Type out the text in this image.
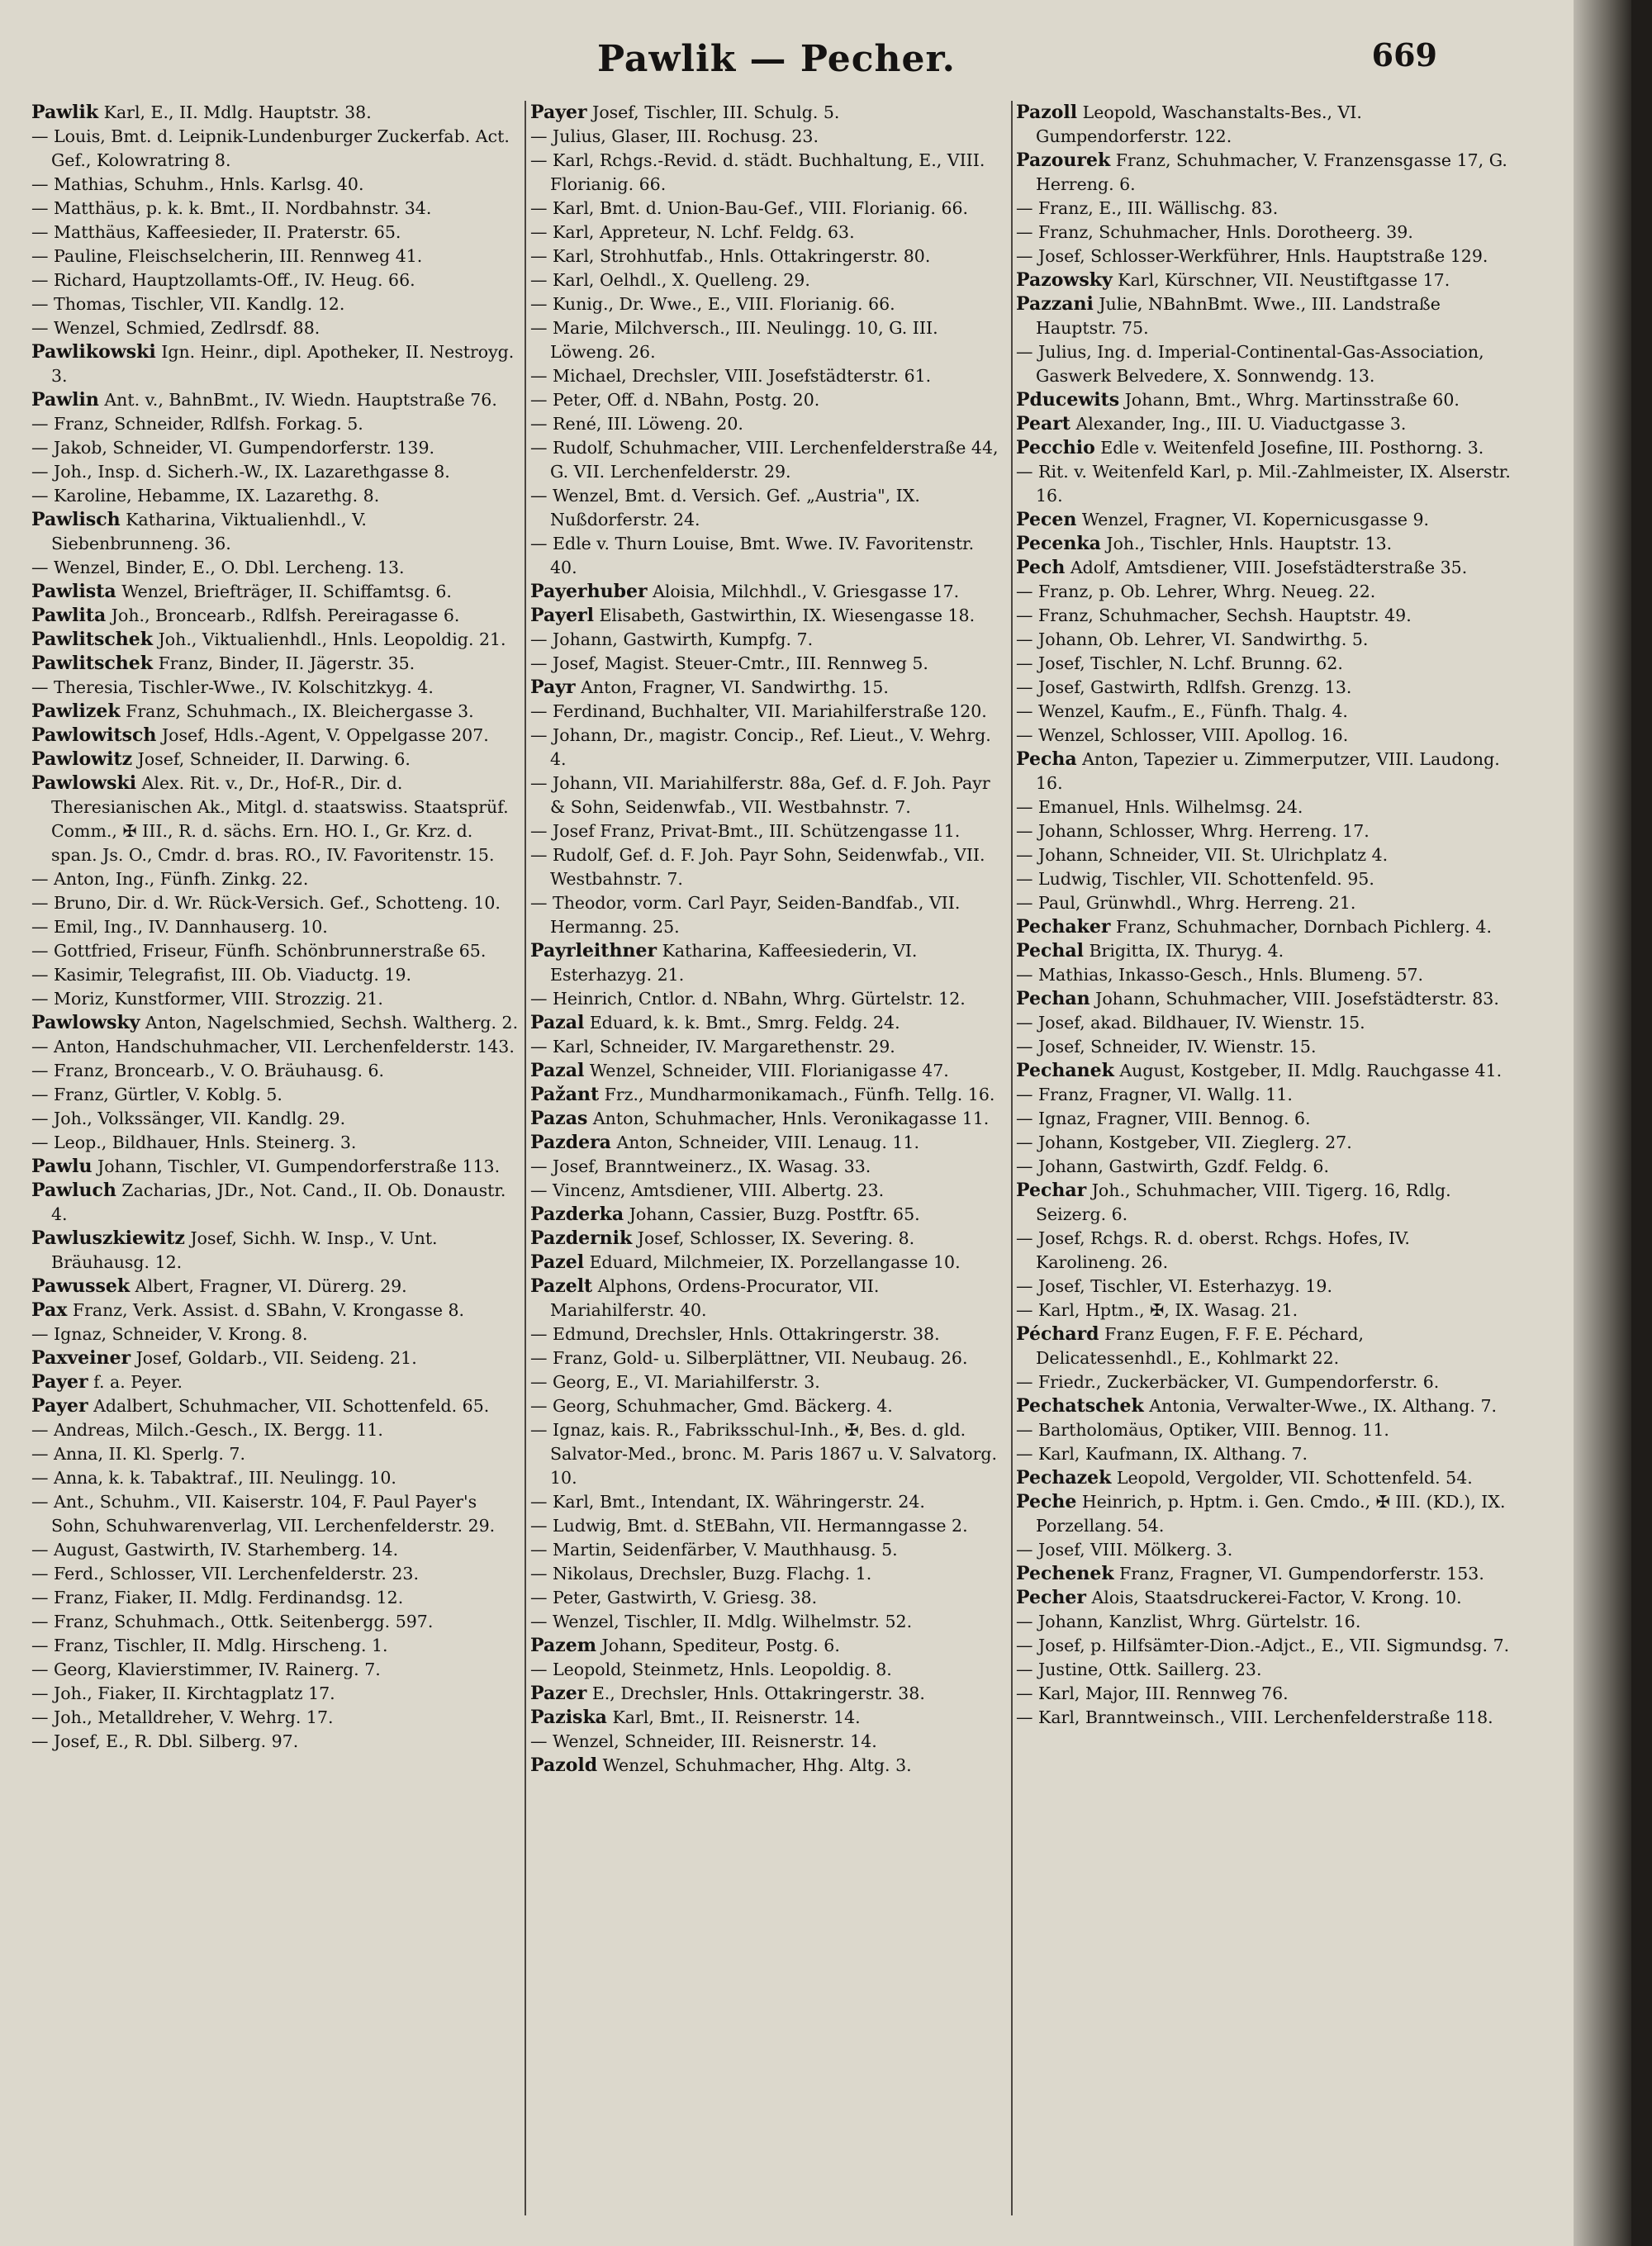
Pawlik — Pecher.	669
Pawlik Karl, E., II. Mdlg. Hauptstr. 38.
— Louis, Bmt. d. Leipnik-Lundenburger Zuckerfab. Act. Gef., Kolowratring 8.
— Mathias, Schuhm., Hnls. Karlsg. 40.
— Matthäus, p. k. k. Bmt., II. Nordbahnstr. 34.
— Matthäus, Kaffeesieder, II. Praterstr. 65.
— Pauline, Fleischselcherin, III. Rennweg 41.
— Richard, Hauptzollamts-Off., IV. Heug. 66.
— Thomas, Tischler, VII. Kandlg. 12.
— Wenzel, Schmied, Zedlrsdf. 88.
Pawlikowski Ign. Heinr., dipl. Apotheker, II. Nestroyg. 3.
Pawlin Ant. v., BahnBmt., IV. Wiedn. Hauptstraße 76.
— Franz, Schneider, Rdlfsh. Forkag. 5.
— Jakob, Schneider, VI. Gumpendorferstr. 139.
— Joh., Insp. d. Sicherh.-W., IX. Lazarethgasse 8.
— Karoline, Hebamme, IX. Lazarethg. 8.
Pawlisch Katharina, Viktualienhdl., V. Siebenbrunneng. 36.
— Wenzel, Binder, E., O. Dbl. Lercheng. 13.
Pawlista Wenzel, Briefträger, II. Schiffamtsg. 6.
Pawlita Joh., Broncearb., Rdlfsh. Pereiragasse 6.
Pawlitschek Joh., Viktualienhdl., Hnls. Leopoldig. 21.
Pawlitschek Franz, Binder, II. Jägerstr. 35.
— Theresia, Tischler-Wwe., IV. Kolschitzkyg. 4.
Pawlizek Franz, Schuhmach., IX. Bleichergasse 3.
Pawlowitsch Josef, Hdls.-Agent, V. Oppelgasse 207.
Pawlowitz Josef, Schneider, II. Darwing. 6.
Pawlowski Alex. Rit. v., Dr., Hof-R., Dir. d. Theresianischen Ak., Mitgl. d. staatswiss. Staatsprüf. Comm., ✠ III., R. d. sächs. Ern. HO. I., Gr. Krz. d. span. Js. O., Cmdr. d. bras. RO., IV. Favoritenstr. 15.
— Anton, Ing., Fünfh. Zinkg. 22.
— Bruno, Dir. d. Wr. Rück-Versich. Gef., Schotteng. 10.
— Emil, Ing., IV. Dannhauserg. 10.
— Gottfried, Friseur, Fünfh. Schönbrunnerstraße 65.
— Kasimir, Telegrafist, III. Ob. Viaductg. 19.
— Moriz, Kunstformer, VIII. Strozzig. 21.
Pawlowsky Anton, Nagelschmied, Sechsh. Waltherg. 2.
— Anton, Handschuhmacher, VII. Lerchenfelderstr. 143.
— Franz, Broncearb., V. O. Bräuhausg. 6.
— Franz, Gürtler, V. Koblg. 5.
— Joh., Volkssänger, VII. Kandlg. 29.
— Leop., Bildhauer, Hnls. Steinerg. 3.
Pawlu Johann, Tischler, VI. Gumpendorferstraße 113.
Pawluch Zacharias, JDr., Not. Cand., II. Ob. Donaustr. 4.
Pawluszkiewitz Josef, Sichh. W. Insp., V. Unt. Bräuhausg. 12.
Pawussek Albert, Fragner, VI. Dürerg. 29.
Pax Franz, Verk. Assist. d. SBahn, V. Krongasse 8.
— Ignaz, Schneider, V. Krong. 8.
Paxveiner Josef, Goldarb., VII. Seideng. 21.
Payer f. a. Peyer.
Payer Adalbert, Schuhmacher, VII. Schottenfeld. 65.
— Andreas, Milch.-Gesch., IX. Bergg. 11.
— Anna, II. Kl. Sperlg. 7.
— Anna, k. k. Tabaktraf., III. Neulingg. 10.
— Ant., Schuhm., VII. Kaiserstr. 104, F. Paul Payer's Sohn, Schuhwarenverlag, VII. Lerchenfelderstr. 29.
— August, Gastwirth, IV. Starhemberg. 14.
— Ferd., Schlosser, VII. Lerchenfelderstr. 23.
— Franz, Fiaker, II. Mdlg. Ferdinandsg. 12.
— Franz, Schuhmach., Ottk. Seitenbergg. 597.
— Franz, Tischler, II. Mdlg. Hirscheng. 1.
— Georg, Klavierstimmer, IV. Rainerg. 7.
— Joh., Fiaker, II. Kirchtagplatz 17.
— Joh., Metalldreher, V. Wehrg. 17.
— Josef, E., R. Dbl. Silberg. 97.
Payer Josef, Tischler, III. Schulg. 5.
— Julius, Glaser, III. Rochusg. 23.
— Karl, Rchgs.-Revid. d. städt. Buchhaltung, E., VIII. Florianig. 66.
— Karl, Bmt. d. Union-Bau-Gef., VIII. Florianig. 66.
— Karl, Appreteur, N. Lchf. Feldg. 63.
— Karl, Strohhutfab., Hnls. Ottakringerstr. 80.
— Karl, Oelhdl., X. Quelleng. 29.
— Kunig., Dr. Wwe., E., VIII. Florianig. 66.
— Marie, Milchversch., III. Neulingg. 10, G. III. Löweng. 26.
— Michael, Drechsler, VIII. Josefstädterstr. 61.
— Peter, Off. d. NBahn, Postg. 20.
— René, III. Löweng. 20.
— Rudolf, Schuhmacher, VIII. Lerchenfelderstraße 44, G. VII. Lerchenfelderstr. 29.
— Wenzel, Bmt. d. Versich. Gef. „Austria", IX. Nußdorferstr. 24.
— Edle v. Thurn Louise, Bmt. Wwe. IV. Favoritenstr. 40.
Payerhuber Aloisia, Milchhdl., V. Griesgasse 17.
Payerl Elisabeth, Gastwirthin, IX. Wiesengasse 18.
— Johann, Gastwirth, Kumpfg. 7.
— Josef, Magist. Steuer-Cmtr., III. Rennweg 5.
Payr Anton, Fragner, VI. Sandwirthg. 15.
— Ferdinand, Buchhalter, VII. Mariahilferstraße 120.
— Johann, Dr., magistr. Concip., Ref. Lieut., V. Wehrg. 4.
— Johann, VII. Mariahilferstr. 88a, Gef. d. F. Joh. Payr & Sohn, Seidenwfab., VII. Westbahnstr. 7.
— Josef Franz, Privat-Bmt., III. Schützengasse 11.
— Rudolf, Gef. d. F. Joh. Payr Sohn, Seidenwfab., VII. Westbahnstr. 7.
— Theodor, vorm. Carl Payr, Seiden-Bandfab., VII. Hermanng. 25.
Payrleithner Katharina, Kaffeesiederin, VI. Esterhazyg. 21.
— Heinrich, Cntlor. d. NBahn, Whrg. Gürtelstr. 12.
Pazal Eduard, k. k. Bmt., Smrg. Feldg. 24.
— Karl, Schneider, IV. Margarethenstr. 29.
Pazal Wenzel, Schneider, VIII. Florianigasse 47.
Pažant Frz., Mundharmonikamach., Fünfh. Tellg. 16.
Pazas Anton, Schuhmacher, Hnls. Veronikagasse 11.
Pazdera Anton, Schneider, VIII. Lenaug. 11.
— Josef, Branntweinerz., IX. Wasag. 33.
— Vincenz, Amtsdiener, VIII. Albertg. 23.
Pazderka Johann, Cassier, Buzg. Postftr. 65.
Pazdernik Josef, Schlosser, IX. Severing. 8.
Pazel Eduard, Milchmeier, IX. Porzellangasse 10.
Pazelt Alphons, Ordens-Procurator, VII. Mariahilferstr. 40.
— Edmund, Drechsler, Hnls. Ottakringerstr. 38.
— Franz, Gold- u. Silberplättner, VII. Neubaug. 26.
— Georg, E., VI. Mariahilferstr. 3.
— Georg, Schuhmacher, Gmd. Bäckerg. 4.
— Ignaz, kais. R., Fabriksschul-Inh., ✠, Bes. d. gld. Salvator-Med., bronc. M. Paris 1867 u. V. Salvatorg. 10.
— Karl, Bmt., Intendant, IX. Währingerstr. 24.
— Ludwig, Bmt. d. StEBahn, VII. Hermanngasse 2.
— Martin, Seidenfärber, V. Mauthhausg. 5.
— Nikolaus, Drechsler, Buzg. Flachg. 1.
— Peter, Gastwirth, V. Griesg. 38.
— Wenzel, Tischler, II. Mdlg. Wilhelmstr. 52.
Pazem Johann, Spediteur, Postg. 6.
— Leopold, Steinmetz, Hnls. Leopoldig. 8.
Pazer E., Drechsler, Hnls. Ottakringerstr. 38.
Paziska Karl, Bmt., II. Reisnerstr. 14.
— Wenzel, Schneider, III. Reisnerstr. 14.
Pazold Wenzel, Schuhmacher, Hhg. Altg. 3.
Pazoll Leopold, Waschanstalts-Bes., VI. Gumpendorferstr. 122.
Pazourek Franz, Schuhmacher, V. Franzensgasse 17, G. Herreng. 6.
— Franz, E., III. Wällischg. 83.
— Franz, Schuhmacher, Hnls. Dorotheerg. 39.
— Josef, Schlosser-Werkführer, Hnls. Hauptstraße 129.
Pazowsky Karl, Kürschner, VII. Neustiftgasse 17.
Pazzani Julie, NBahnBmt. Wwe., III. Landstraße Hauptstr. 75.
— Julius, Ing. d. Imperial-Continental-Gas-Association, Gaswerk Belvedere, X. Sonnwendg. 13.
Pducewits Johann, Bmt., Whrg. Martinsstraße 60.
Peart Alexander, Ing., III. U. Viaductgasse 3.
Pecchio Edle v. Weitenfeld Josefine, III. Posthorng. 3.
— Rit. v. Weitenfeld Karl, p. Mil.-Zahlmeister, IX. Alserstr. 16.
Pecen Wenzel, Fragner, VI. Kopernicusgasse 9.
Pecenka Joh., Tischler, Hnls. Hauptstr. 13.
Pech Adolf, Amtsdiener, VIII. Josefstädterstraße 35.
— Franz, p. Ob. Lehrer, Whrg. Neueg. 22.
— Franz, Schuhmacher, Sechsh. Hauptstr. 49.
— Johann, Ob. Lehrer, VI. Sandwirthg. 5.
— Josef, Tischler, N. Lchf. Brunng. 62.
— Josef, Gastwirth, Rdlfsh. Grenzg. 13.
— Wenzel, Kaufm., E., Fünfh. Thalg. 4.
— Wenzel, Schlosser, VIII. Apollog. 16.
Pecha Anton, Tapezier u. Zimmerputzer, VIII. Laudong. 16.
— Emanuel, Hnls. Wilhelmsg. 24.
— Johann, Schlosser, Whrg. Herreng. 17.
— Johann, Schneider, VII. St. Ulrichplatz 4.
— Ludwig, Tischler, VII. Schottenfeld. 95.
— Paul, Grünwhdl., Whrg. Herreng. 21.
Pechaker Franz, Schuhmacher, Dornbach Pichlerg. 4.
Pechal Brigitta, IX. Thuryg. 4.
— Mathias, Inkasso-Gesch., Hnls. Blumeng. 57.
Pechan Johann, Schuhmacher, VIII. Josefstädterstr. 83.
— Josef, akad. Bildhauer, IV. Wienstr. 15.
— Josef, Schneider, IV. Wienstr. 15.
Pechanek August, Kostgeber, II. Mdlg. Rauchgasse 41.
— Franz, Fragner, VI. Wallg. 11.
— Ignaz, Fragner, VIII. Bennog. 6.
— Johann, Kostgeber, VII. Zieglerg. 27.
— Johann, Gastwirth, Gzdf. Feldg. 6.
Pechar Joh., Schuhmacher, VIII. Tigerg. 16, Rdlg. Seizerg. 6.
— Josef, Rchgs. R. d. oberst. Rchgs. Hofes, IV. Karolineng. 26.
— Josef, Tischler, VI. Esterhazyg. 19.
— Karl, Hptm., ✠, IX. Wasag. 21.
Péchard Franz Eugen, F. F. E. Péchard, Delicatessenhdl., E., Kohlmarkt 22.
— Friedr., Zuckerbäcker, VI. Gumpendorferstr. 6.
Pechatschek Antonia, Verwalter-Wwe., IX. Althang. 7.
— Bartholomäus, Optiker, VIII. Bennog. 11.
— Karl, Kaufmann, IX. Althang. 7.
Pechazek Leopold, Vergolder, VII. Schottenfeld. 54.
Peche Heinrich, p. Hptm. i. Gen. Cmdo., ✠ III. (KD.), IX. Porzellang. 54.
— Josef, VIII. Mölkerg. 3.
Pechenek Franz, Fragner, VI. Gumpendorferstr. 153.
Pecher Alois, Staatsdruckerei-Factor, V. Krong. 10.
— Johann, Kanzlist, Whrg. Gürtelstr. 16.
— Josef, p. Hilfsämter-Dion.-Adjct., E., VII. Sigmundsg. 7.
— Justine, Ottk. Saillerg. 23.
— Karl, Major, III. Rennweg 76.
— Karl, Branntweinsch., VIII. Lerchenfelderstraße 118.
